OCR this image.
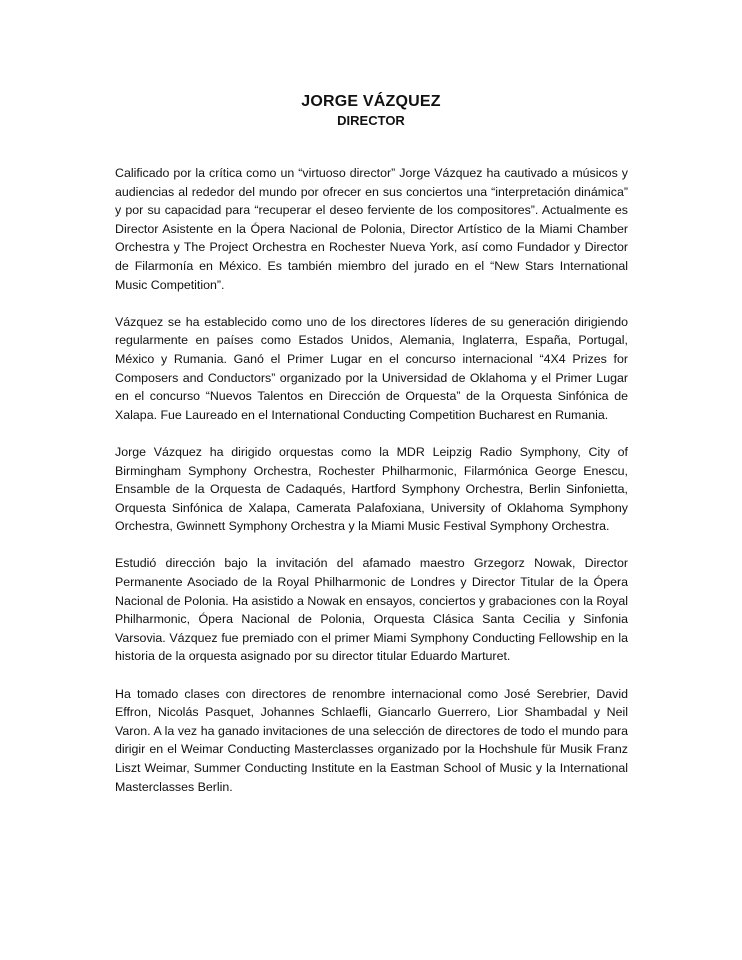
JORGE VÁZQUEZ
DIRECTOR

Calificado por la crítica como un “virtuoso director” Jorge Vázquez ha cautivado a músicos y audiencias al rededor del mundo por ofrecer en sus conciertos una “interpretación dinámica” y por su capacidad para “recuperar el deseo ferviente de los compositores”. Actualmente es Director Asistente en la Ópera Nacional de Polonia, Director Artístico de la Miami Chamber Orchestra y The Project Orchestra en Rochester Nueva York, así como Fundador y Director de Filarmonía en México. Es también miembro del jurado en el “New Stars International Music Competition”.

Vázquez se ha establecido como uno de los directores líderes de su generación dirigiendo regularmente en países como Estados Unidos, Alemania, Inglaterra, España, Portugal, México y Rumania. Ganó el Primer Lugar en el concurso internacional “4X4 Prizes for Composers and Conductors” organizado por la Universidad de Oklahoma y el Primer Lugar en el concurso “Nuevos Talentos en Dirección de Orquesta” de la Orquesta Sinfónica de Xalapa. Fue Laureado en el International Conducting Competition Bucharest en Rumania.

Jorge Vázquez ha dirigido orquestas como la MDR Leipzig Radio Symphony, City of Birmingham Symphony Orchestra, Rochester Philharmonic, Filarmónica George Enescu, Ensamble de la Orquesta de Cadaqués, Hartford Symphony Orchestra, Berlin Sinfonietta, Orquesta Sinfónica de Xalapa, Camerata Palafoxiana, University of Oklahoma Symphony Orchestra, Gwinnett Symphony Orchestra y la Miami Music Festival Symphony Orchestra.

Estudió dirección bajo la invitación del afamado maestro Grzegorz Nowak, Director Permanente Asociado de la Royal Philharmonic de Londres y Director Titular de la Ópera Nacional de Polonia. Ha asistido a Nowak en ensayos, conciertos y grabaciones con la Royal Philharmonic, Ópera Nacional de Polonia, Orquesta Clásica Santa Cecilia y Sinfonia Varsovia. Vázquez fue premiado con el primer Miami Symphony Conducting Fellowship en la historia de la orquesta asignado por su director titular Eduardo Marturet.

Ha tomado clases con directores de renombre internacional como José Serebrier, David Effron, Nicolás Pasquet, Johannes Schlaefli, Giancarlo Guerrero, Lior Shambadal y Neil Varon. A la vez ha ganado invitaciones de una selección de directores de todo el mundo para dirigir en el Weimar Conducting Masterclasses organizado por la Hochshule für Musik Franz Liszt Weimar, Summer Conducting Institute en la Eastman School of Music y la International Masterclasses Berlin.
